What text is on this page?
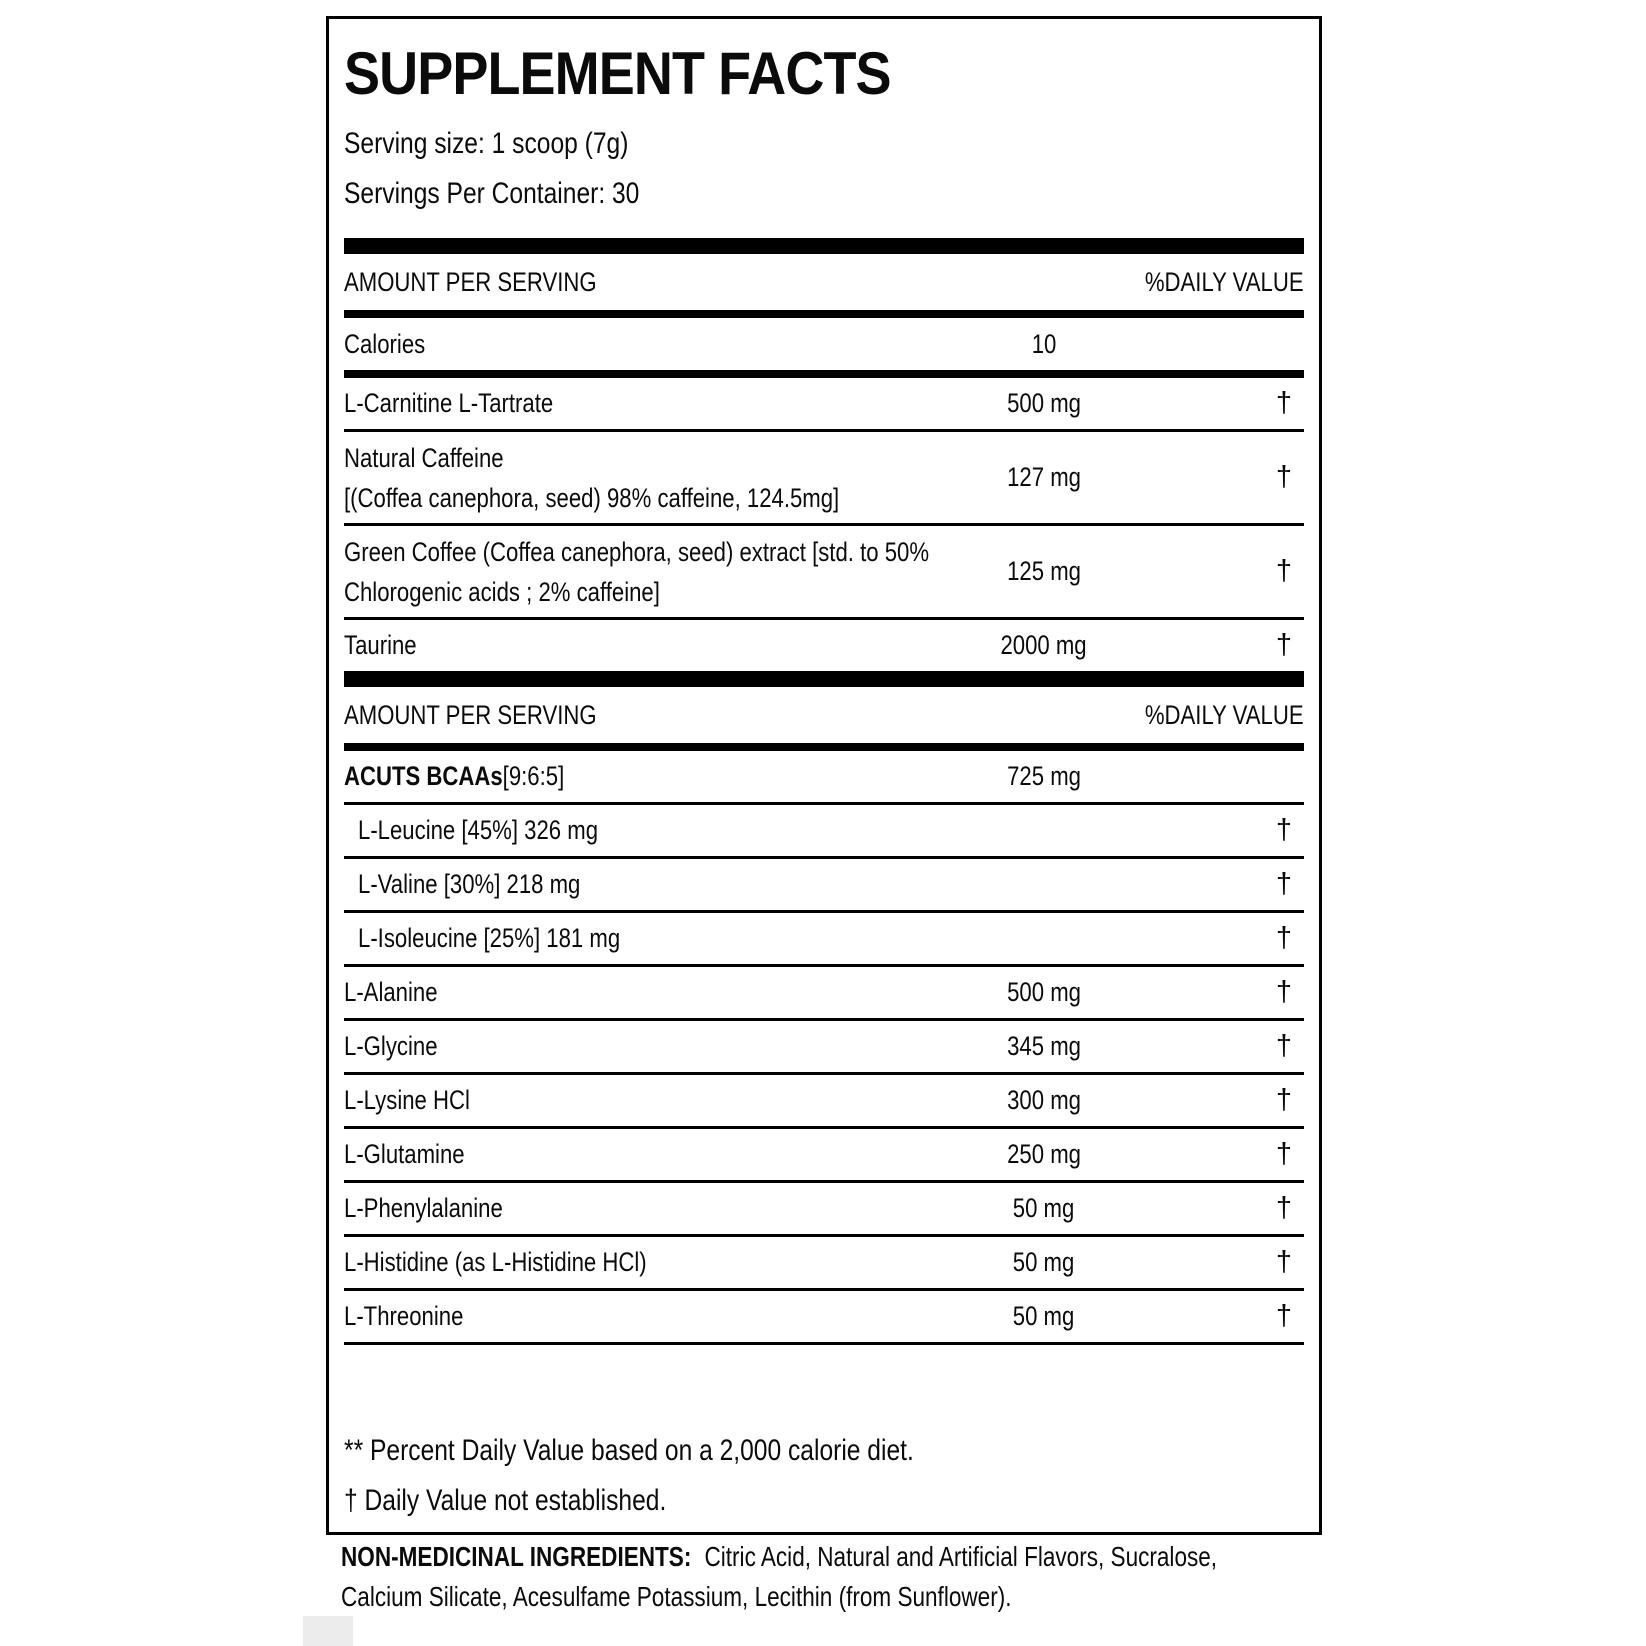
SUPPLEMENT FACTS
Serving size: 1 scoop (7g)
Servings Per Container: 30
AMOUNT PER SERVING	%DAILY VALUE
Calories	10
L-Carnitine L-Tartrate	500 mg	†
Natural Caffeine
[(Coffea canephora, seed) 98% caffeine, 124.5mg]
127 mg	†
Green Coffee (Coffea canephora, seed) extract [std. to 50%
Chlorogenic acids ; 2% caffeine]
125 mg	†
Taurine	2000 mg	†
AMOUNT PER SERVING	%DAILY VALUE
ACUTS BCAAs[9:6:5]	725 mg
L-Leucine [45%] 326 mg	†
L-Valine [30%] 218 mg	†
L-Isoleucine [25%] 181 mg	†
L-Alanine	500 mg	†
L-Glycine	345 mg	†
L-Lysine HCl	300 mg	†
L-Glutamine	250 mg	†
L-Phenylalanine	50 mg	†
L-Histidine (as L-Histidine HCl)	50 mg	†
L-Threonine	50 mg	†
** Percent Daily Value based on a 2,000 calorie diet.
† Daily Value not established.
NON-MEDICINAL INGREDIENTS: Citric Acid, Natural and Artificial Flavors, Sucralose,
Calcium Silicate, Acesulfame Potassium, Lecithin (from Sunflower).
